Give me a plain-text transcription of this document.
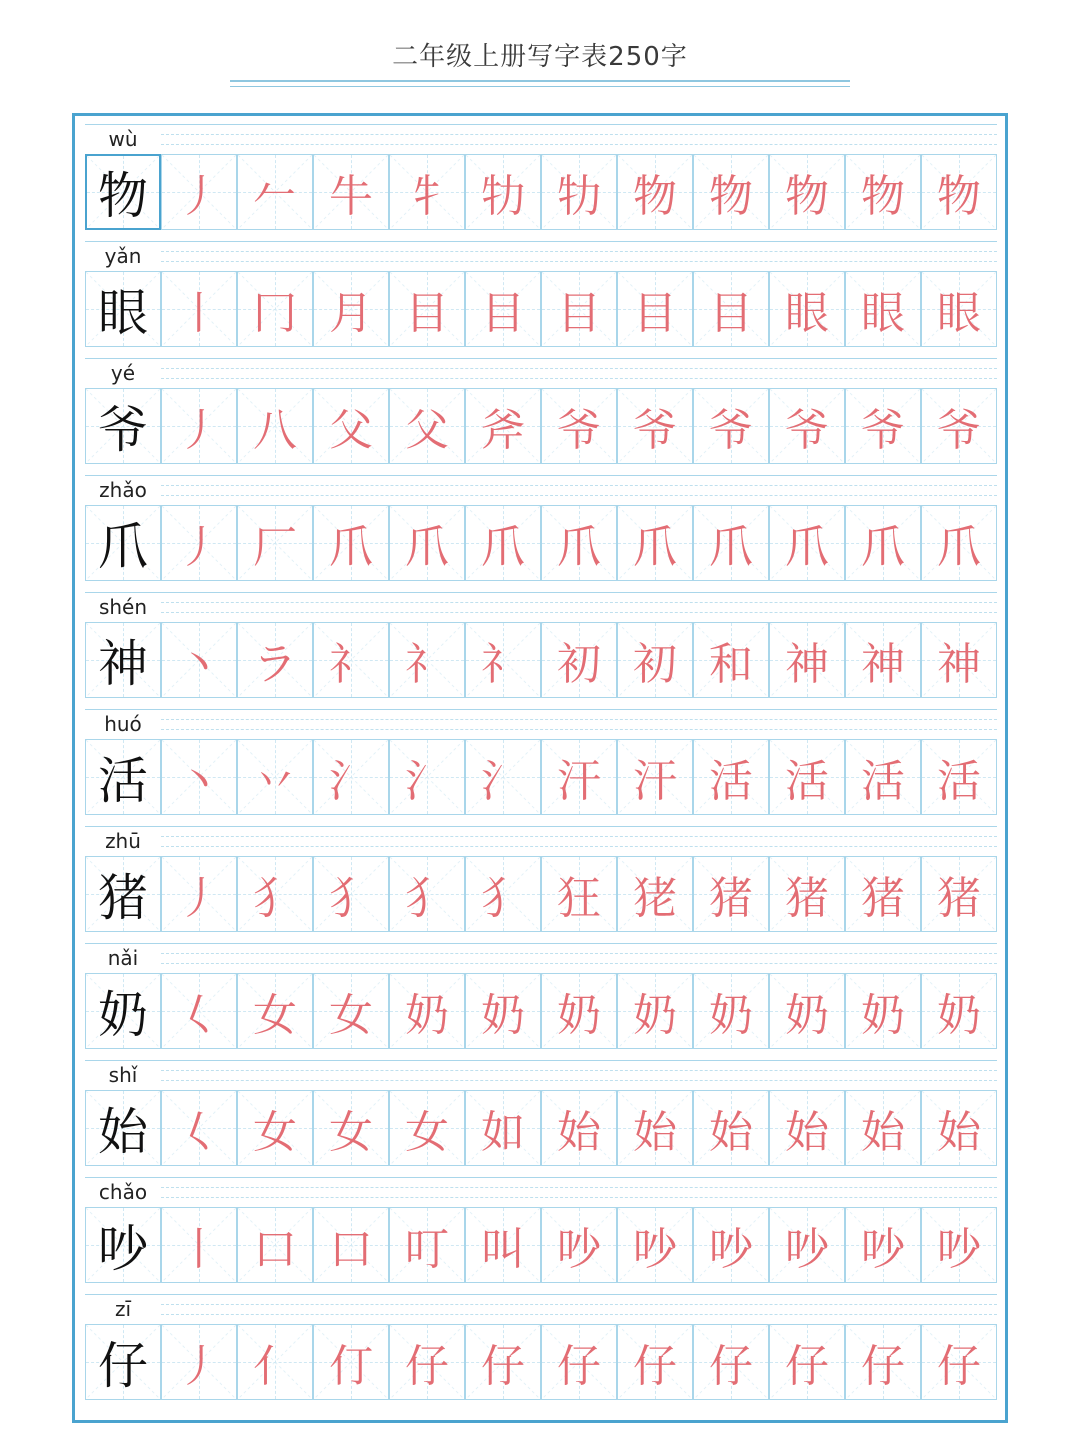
二年级上册写字表250字
wù
物 丿 𠂉 牛 牜 牞 牞 物 物 物 物 物
yǎn
眼 丨 冂 月 目 目 目 目 目 眼 眼 眼
yé
爷 丿 八 父 父 斧 爷 爷 爷 爷 爷 爷
zhǎo
爪 丿 厂 爪 爪 爪 爪 爪 爪 爪 爪 爪
shén
神 丶 ラ 礻 礻 礻 初 初 和 神 神 神
huó
活 丶 丷 氵 氵 氵 汗 汗 活 活 活 活
zhū
猪 丿 犭 犭 犭 犭 狂 狫 猪 猪 猪 猪
nǎi
奶 𡿨 女 女 奶 奶 奶 奶 奶 奶 奶 奶
shǐ
始 𡿨 女 女 女 如 始 始 始 始 始 始
chǎo
吵 丨 口 口 叮 叫 吵 吵 吵 吵 吵 吵
zī
仔 丿 亻 仃 仔 仔 仔 仔 仔 仔 仔 仔
